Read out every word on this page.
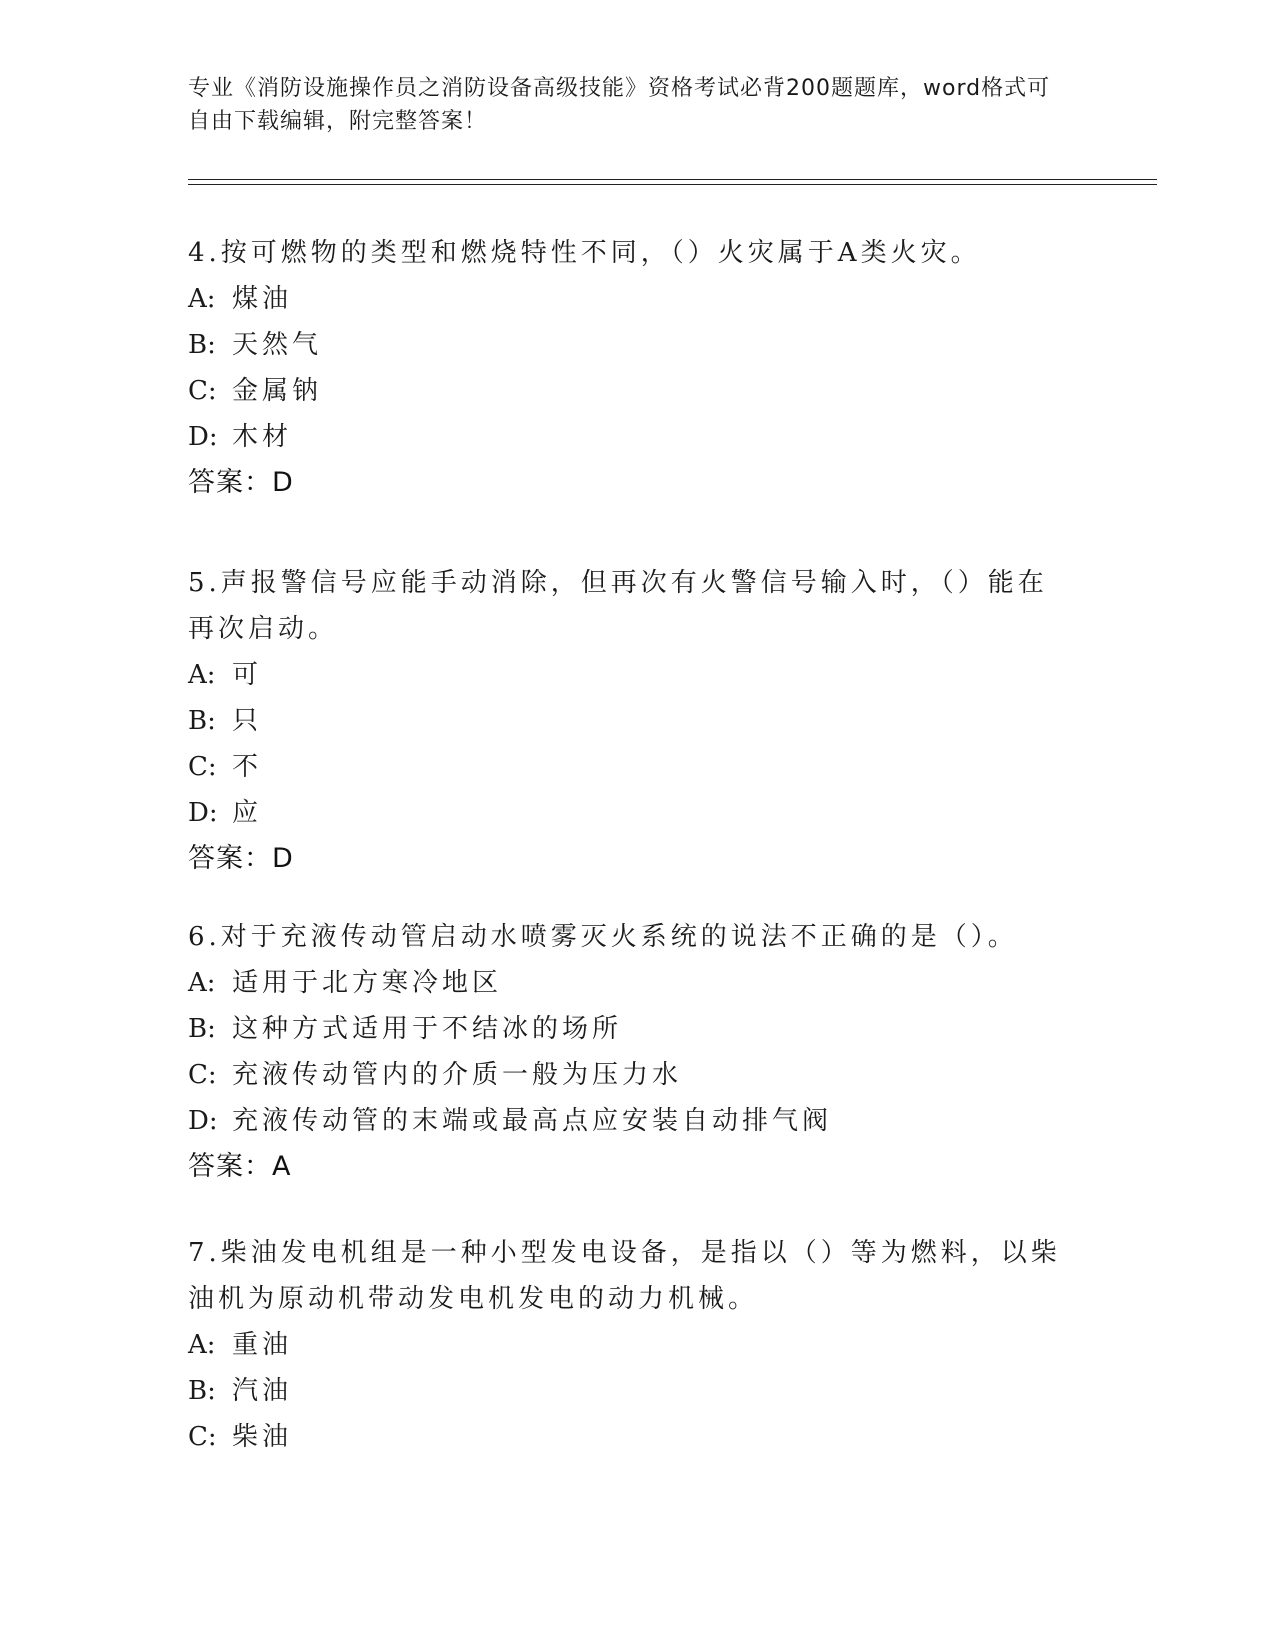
专业《消防设施操作员之消防设备高级技能》资格考试必背200题题库，word格式可自由下载编辑，附完整答案！

4.按可燃物的类型和燃烧特性不同，（）火灾属于A类火灾。

A: 煤油

B: 天然气

C: 金属钠

D: 木材

答案：D

5.声报警信号应能手动消除，但再次有火警信号输入时，（）能在再次启动。

A: 可

B: 只

C: 不

D: 应

答案：D

6.对于充液传动管启动水喷雾灭火系统的说法不正确的是（）。

A: 适用于北方寒冷地区

B: 这种方式适用于不结冰的场所

C: 充液传动管内的介质一般为压力水

D: 充液传动管的末端或最高点应安装自动排气阀

答案：A

7.柴油发电机组是一种小型发电设备，是指以（）等为燃料，以柴油机为原动机带动发电机发电的动力机械。

A: 重油

B: 汽油

C: 柴油
